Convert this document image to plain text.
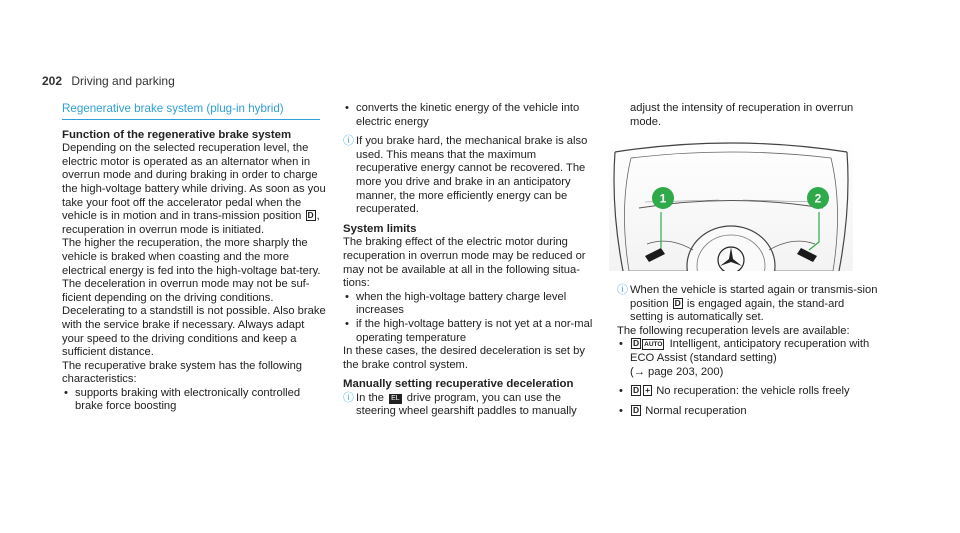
202 Driving and parking
Regenerative brake system (plug-in hybrid)
Function of the regenerative brake system

Depending on the selected recuperation level, the electric motor is operated as an alternator when in overrun mode and during braking in order to charge the high-voltage battery while driving. As soon as you take your foot off the accelerator pedal when the vehicle is in motion and in trans-mission position D , recuperation in overrun mode is initiated.

The higher the recuperation, the more sharply the vehicle is braked when coasting and the more electrical energy is fed into the high-voltage bat-tery.

The deceleration in overrun mode may not be suf-ficient depending on the driving conditions. Decelerating to a standstill is not possible. Also brake with the service brake if necessary. Always adapt your speed to the driving conditions and keep a sufficient distance.

The recuperative brake system has the following characteristics:

• supports braking with electronically controlled brake force boosting
• converts the kinetic energy of the vehicle into electric energy
ⓘ If you brake hard, the mechanical brake is also used. This means that the maximum recuperative energy cannot be recovered. The more you drive and brake in an anticipatory manner, the more efficiently energy can be recuperated.
System limits

The braking effect of the electric motor during recuperation in overrun mode may be reduced or may not be available at all in the following situa-tions:

• when the high-voltage battery charge level increases
• if the high-voltage battery is not yet at a nor-mal operating temperature

In these cases, the desired deceleration is set by the brake control system.

Manually setting recuperative deceleration
ⓘ In the EL drive program, you can use the steering wheel gearshift paddles to manually

adjust the intensity of recuperation in overrun mode.

1	2
ⓘ When the vehicle is started again or transmis-sion position D is engaged again, the stand-ard setting is automatically set.

The following recuperation levels are available:

• D AUTO Intelligent, anticipatory recuperation with ECO Assist (standard setting)
(→ page 203, 200)
• D + No recuperation: the vehicle rolls freely
• D Normal recuperation
